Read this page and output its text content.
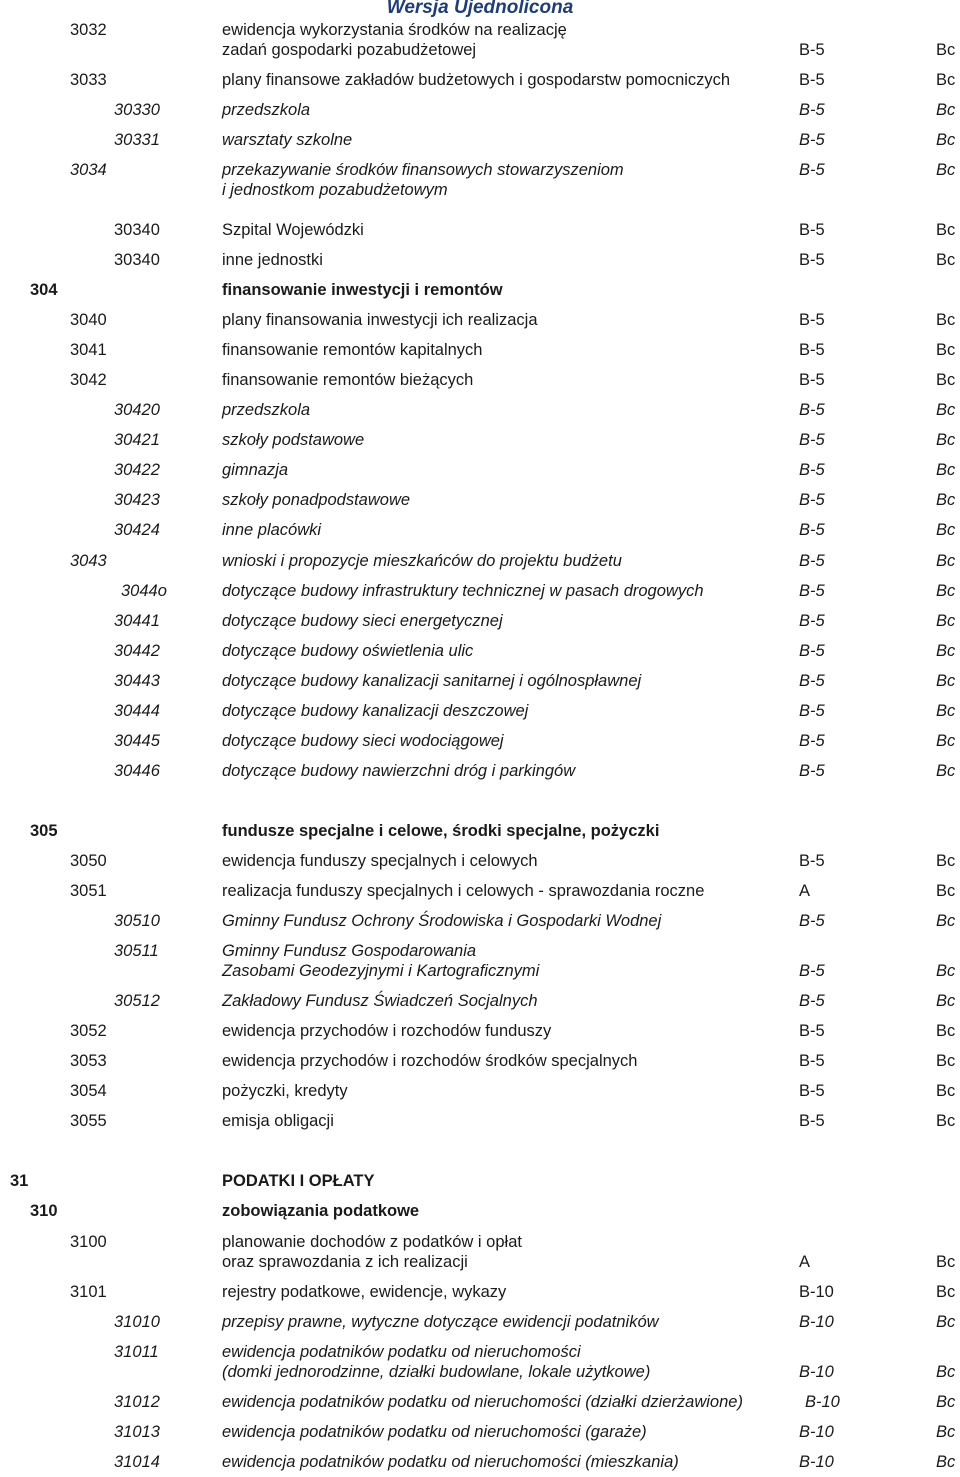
Wersja Ujednolicona
3032	ewidencja wykorzystania środków na realizację
zadań gospodarki pozabudżetowej	B-5	Bc
3033	plany finansowe zakładów budżetowych i gospodarstw pomocniczych	B-5	Bc
30330	przedszkola	B-5	Bc
30331	warsztaty szkolne	B-5	Bc
3034	przekazywanie środków finansowych stowarzyszeniom	B-5	Bc
i jednostkom pozabudżetowym
30340	Szpital Wojewódzki	B-5	Bc
30340	inne jednostki	B-5	Bc
304	finansowanie inwestycji i remontów
3040	plany finansowania inwestycji ich realizacja	B-5	Bc
3041	finansowanie remontów kapitalnych	B-5	Bc
3042	finansowanie remontów bieżących	B-5	Bc
30420	przedszkola	B-5	Bc
30421	szkoły podstawowe	B-5	Bc
30422	gimnazja	B-5	Bc
30423	szkoły ponadpodstawowe	B-5	Bc
30424	inne placówki	B-5	Bc
3043	wnioski i propozycje mieszkańców do projektu budżetu	B-5	Bc
3044o	dotyczące budowy infrastruktury technicznej w pasach drogowych	B-5	Bc
30441	dotyczące budowy sieci energetycznej	B-5	Bc
30442	dotyczące budowy oświetlenia ulic	B-5	Bc
30443	dotyczące budowy kanalizacji sanitarnej i ogólnospławnej	B-5	Bc
30444	dotyczące budowy kanalizacji deszczowej	B-5	Bc
30445	dotyczące budowy sieci wodociągowej	B-5	Bc
30446	dotyczące budowy nawierzchni dróg i parkingów	B-5	Bc
305	fundusze specjalne i celowe, środki specjalne, pożyczki
3050	ewidencja funduszy specjalnych i celowych	B-5	Bc
3051	realizacja funduszy specjalnych i celowych - sprawozdania roczne	A	Bc
30510	Gminny Fundusz Ochrony Środowiska i Gospodarki Wodnej	B-5	Bc
30511	Gminny Fundusz Gospodarowania
Zasobami Geodezyjnymi i Kartograficznymi	B-5	Bc
30512	Zakładowy Fundusz Świadczeń Socjalnych	B-5	Bc
3052	ewidencja przychodów i rozchodów funduszy	B-5	Bc
3053	ewidencja przychodów i rozchodów środków specjalnych	B-5	Bc
3054	pożyczki, kredyty	B-5	Bc
3055	emisja obligacji	B-5	Bc
31	PODATKI I OPŁATY
310	zobowiązania podatkowe
3100	planowanie dochodów z podatków i opłat
oraz sprawozdania z ich realizacji	A	Bc
3101	rejestry podatkowe, ewidencje, wykazy	B-10	Bc
31010	przepisy prawne, wytyczne dotyczące ewidencji podatników	B-10	Bc
31011	ewidencja podatników podatku od nieruchomości
(domki jednorodzinne, działki budowlane, lokale użytkowe)	B-10	Bc
31012	ewidencja podatników podatku od nieruchomości (działki dzierżawione)	B-10	Bc
31013	ewidencja podatników podatku od nieruchomości (garaże)	B-10	Bc
31014	ewidencja podatników podatku od nieruchomości (mieszkania)	B-10	Bc
